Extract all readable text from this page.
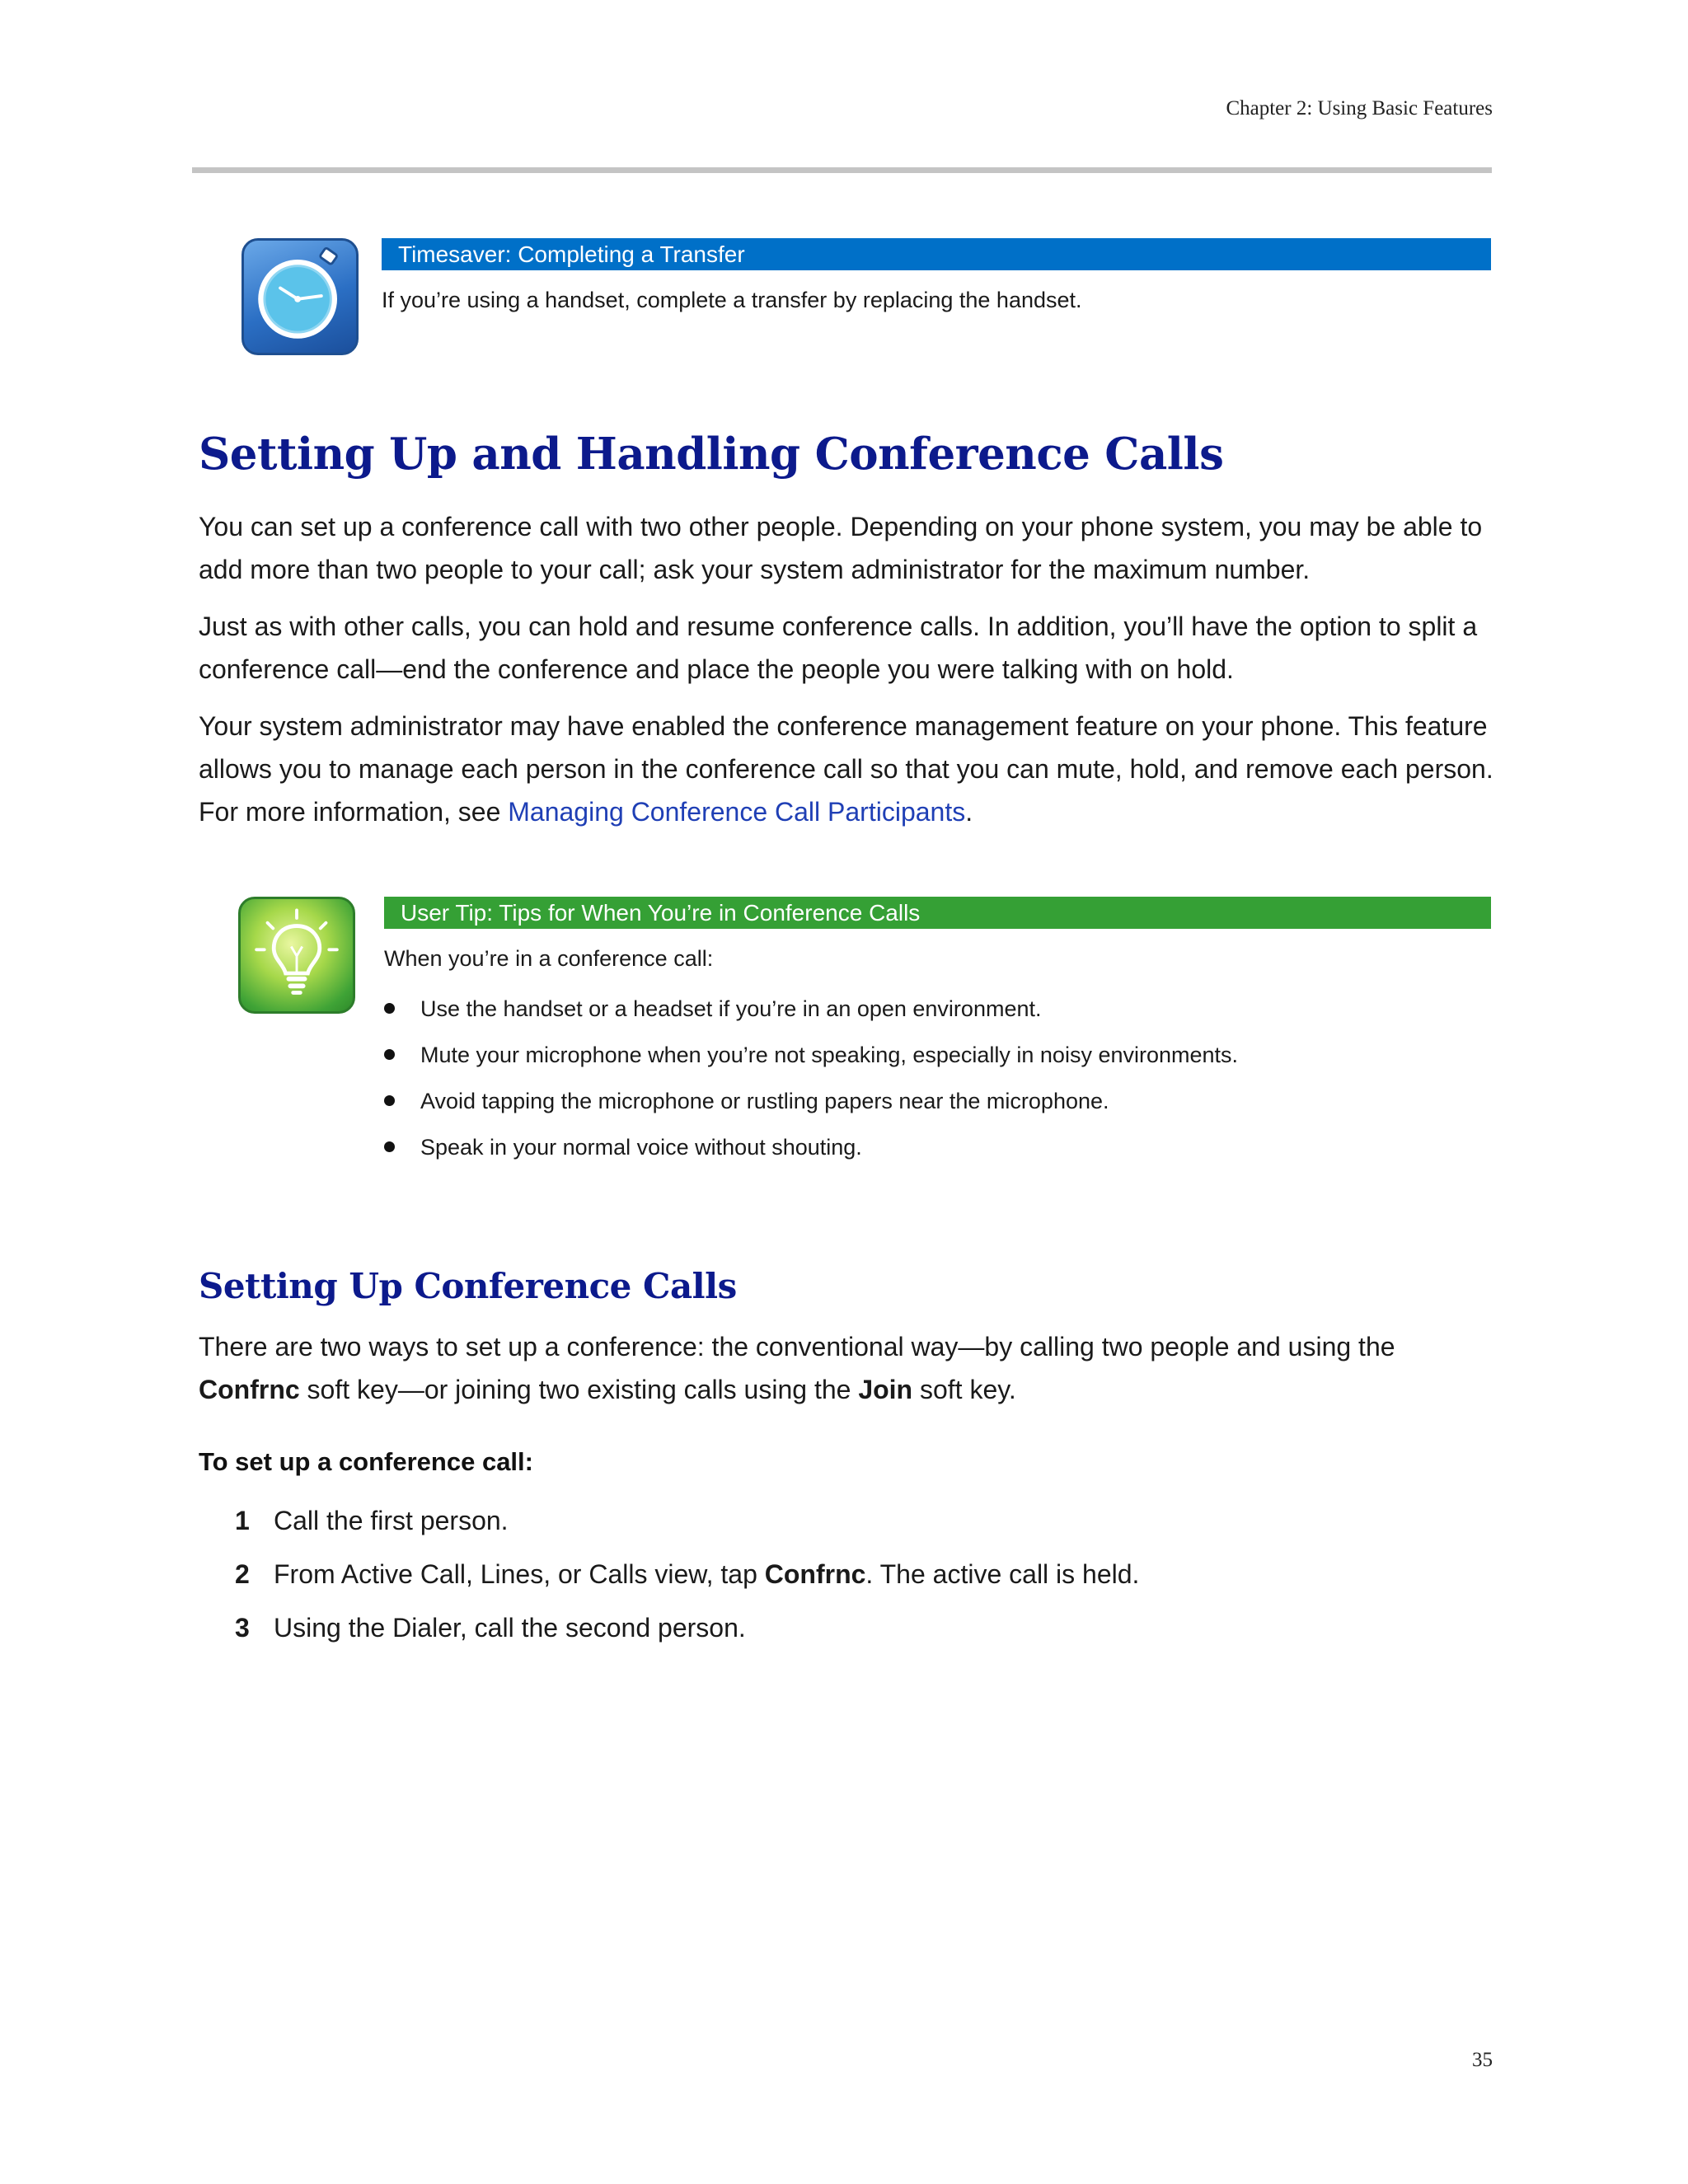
Chapter 2: Using Basic Features
Timesaver: Completing a Transfer
If you’re using a handset, complete a transfer by replacing the handset.
Setting Up and Handling Conference Calls
You can set up a conference call with two other people. Depending on your phone system, you may be able to add more than two people to your call; ask your system administrator for the maximum number.
Just as with other calls, you can hold and resume conference calls. In addition, you’ll have the option to split a conference call—end the conference and place the people you were talking with on hold.
Your system administrator may have enabled the conference management feature on your phone. This feature allows you to manage each person in the conference call so that you can mute, hold, and remove each person. For more information, see Managing Conference Call Participants.
User Tip: Tips for When You’re in Conference Calls
When you’re in a conference call:
Use the handset or a headset if you’re in an open environment.
Mute your microphone when you’re not speaking, especially in noisy environments.
Avoid tapping the microphone or rustling papers near the microphone.
Speak in your normal voice without shouting.
Setting Up Conference Calls
There are two ways to set up a conference: the conventional way—by calling two people and using the Confrnc soft key—or joining two existing calls using the Join soft key.
To set up a conference call:
1 Call the first person.
2 From Active Call, Lines, or Calls view, tap Confrnc. The active call is held.
3 Using the Dialer, call the second person.
35
